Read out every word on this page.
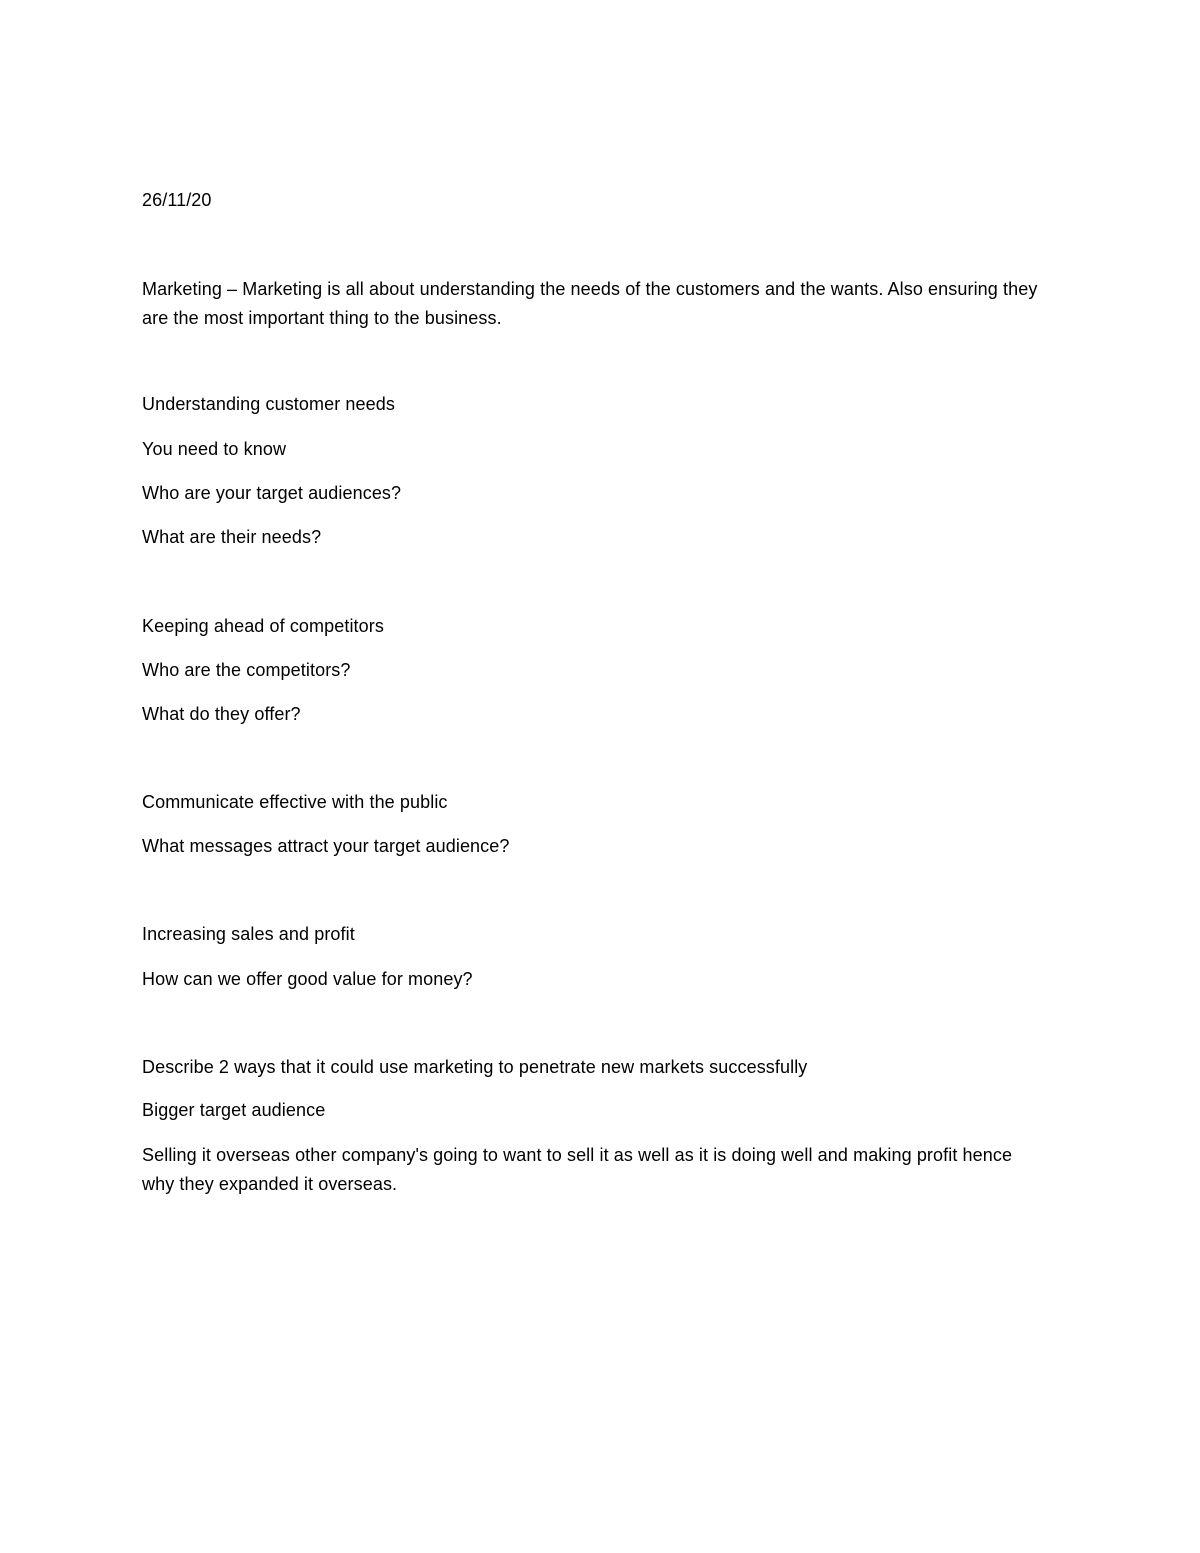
26/11/20
Marketing – Marketing is all about understanding the needs of the customers and the wants. Also ensuring they are the most important thing to the business.
Understanding customer needs
You need to know
Who are your target audiences?
What are their needs?
Keeping ahead of competitors
Who are the competitors?
What do they offer?
Communicate effective with the public
What messages attract your target audience?
Increasing sales and profit
How can we offer good value for money?
Describe 2 ways that it could use marketing to penetrate new markets successfully
Bigger target audience
Selling it overseas other company's going to want to sell it as well as it is doing well and making profit hence why they expanded it overseas.
